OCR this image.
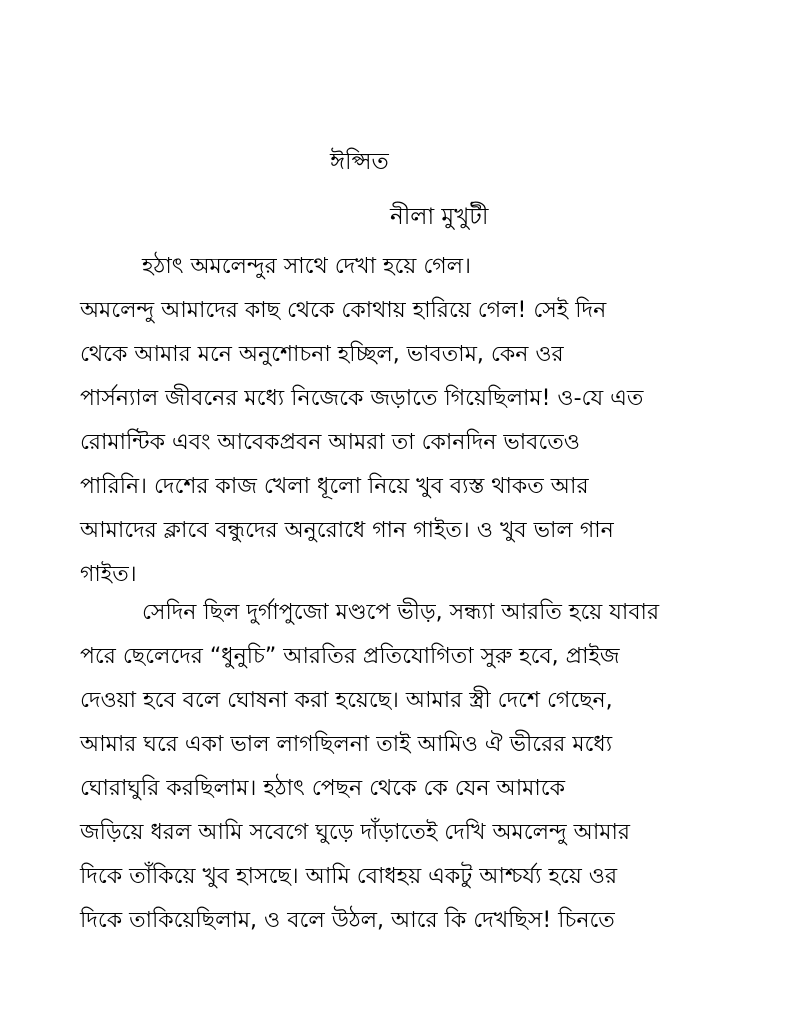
ঈপ্সিত
নীলা মুখুটী
হঠাৎ অমলেন্দুর সাথে দেখা হয়ে গেল।
অমলেন্দু আমাদের কাছ থেকে কোথায় হারিয়ে গেল! সেই দিন
থেকে আমার মনে অনুশোচনা হচ্ছিল, ভাবতাম, কেন ওর
পার্সন্যাল জীবনের মধ্যে নিজেকে জড়াতে গিয়েছিলাম! ও-যে এত
রোমান্টিক এবং আবেকপ্রবন আমরা তা কোনদিন ভাবতেও
পারিনি। দেশের কাজ খেলা ধূলো নিয়ে খুব ব্যস্ত থাকত আর
আমাদের ক্লাবে বন্ধুদের অনুরোধে গান গাইত। ও খুব ভাল গান
গাইত।
সেদিন ছিল দুর্গাপুজো মণ্ডপে ভীড়, সন্ধ্যা আরতি হয়ে যাবার
পরে ছেলেদের “ধুনুচি” আরতির প্রতিযোগিতা সুরু হবে, প্রাইজ
দেওয়া হবে বলে ঘোষনা করা হয়েছে। আমার স্ত্রী দেশে গেছেন,
আমার ঘরে একা ভাল লাগছিলনা তাই আমিও ঐ ভীরের মধ্যে
ঘোরাঘুরি করছিলাম। হঠাৎ পেছন থেকে কে যেন আমাকে
জড়িয়ে ধরল আমি সবেগে ঘুড়ে দাঁড়াতেই দেখি অমলেন্দু আমার
দিকে তাঁকিয়ে খুব হাসছে। আমি বোধহয় একটু আশ্চর্য্য হয়ে ওর
দিকে তাকিয়েছিলাম, ও বলে উঠল, আরে কি দেখছিস! চিনতে
